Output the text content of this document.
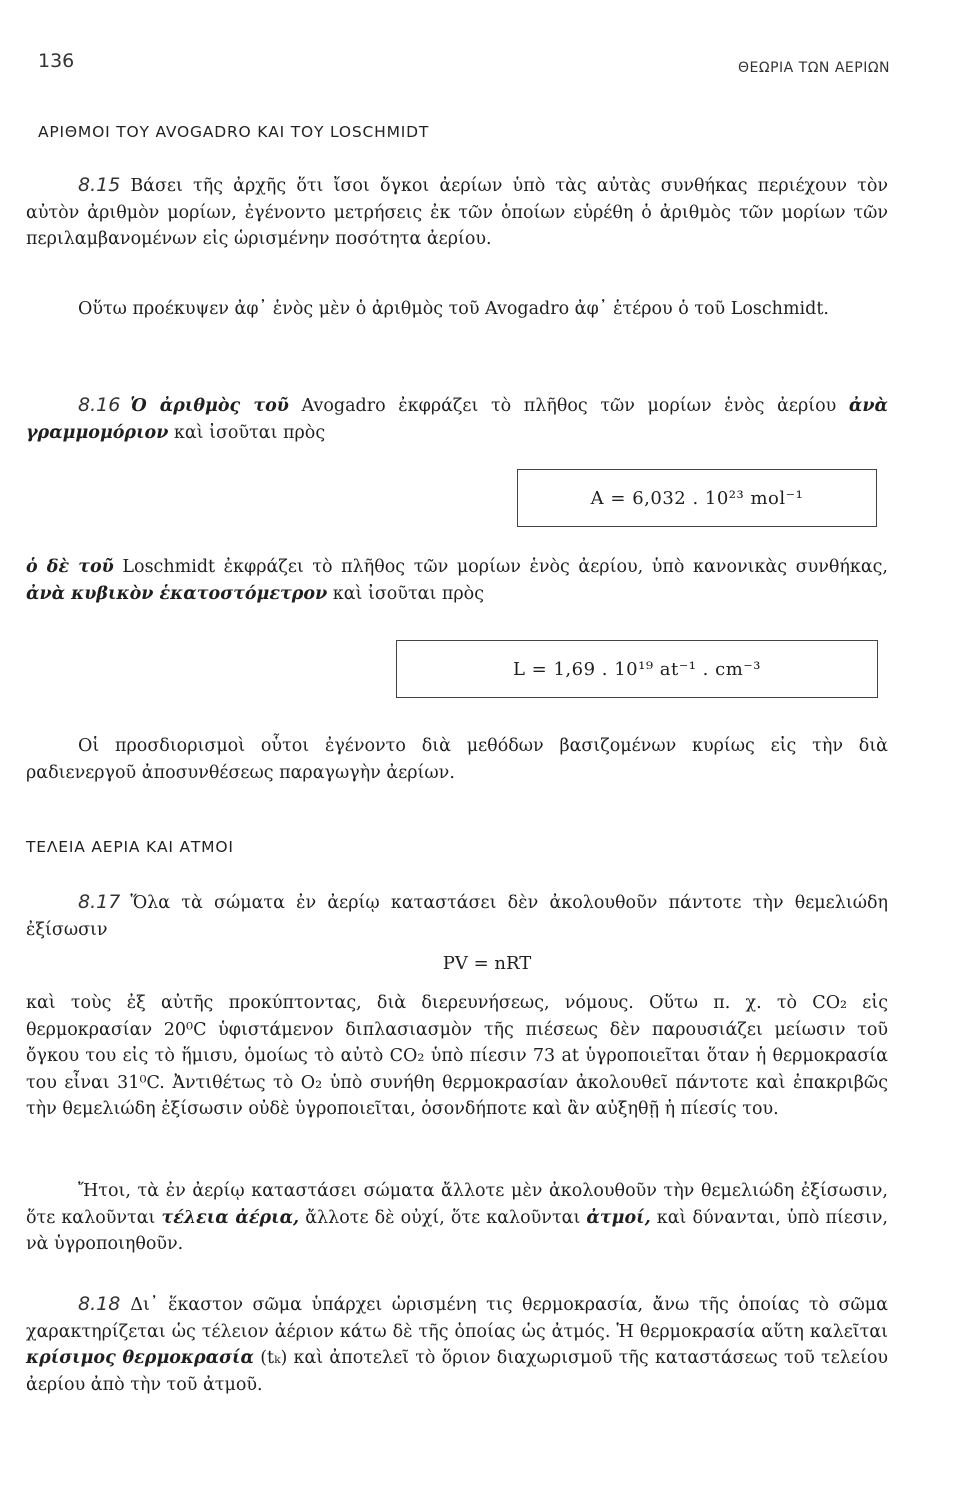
136	ΘΕΩΡΙΑ ΤΩΝ ΑΕΡΙΩΝ
ΑΡΙΘΜΟΙ ΤΟΥ AVOGADRO ΚΑΙ ΤΟΥ LOSCHMIDT
8.15 Βάσει τῆς ἀρχῆς ὅτι ἴσοι ὄγκοι ἀερίων ὑπὸ τὰς αὐτὰς συνθήκας περιέχουν τὸν αὐτὸν ἀριθμὸν μορίων, ἐγένοντο μετρήσεις ἐκ τῶν ὁποίων εὑρέθη ὁ ἀριθμὸς τῶν μορίων τῶν περιλαμβανομένων εἰς ὡρισμένην ποσότητα ἀερίου.
Οὕτω προέκυψεν ἀφ᾽ ἑνὸς μὲν ὁ ἀριθμὸς τοῦ Avogadro ἀφ᾽ ἑτέρου ὁ τοῦ Loschmidt.
8.16 Ὁ ἀριθμὸς τοῦ Avogadro ἐκφράζει τὸ πλῆθος τῶν μορίων ἑνὸς ἀερίου ἀνὰ γραμμομόριον καὶ ἰσοῦται πρὸς
A = 6,032 . 10²³ mol⁻¹
ὁ δὲ τοῦ Loschmidt ἐκφράζει τὸ πλῆθος τῶν μορίων ἑνὸς ἀερίου, ὑπὸ κανονικὰς συνθήκας, ἀνὰ κυβικὸν ἑκατοστόμετρον καὶ ἰσοῦται πρὸς
L = 1,69 . 10¹⁹ at⁻¹ . cm⁻³
Οἱ προσδιορισμοὶ οὗτοι ἐγένοντο διὰ μεθόδων βασιζομένων κυρίως εἰς τὴν διὰ ραδιενεργοῦ ἀποσυνθέσεως παραγωγὴν ἀερίων.
ΤΕΛΕΙΑ ΑΕΡΙΑ ΚΑΙ ΑΤΜΟΙ
8.17 Ὅλα τὰ σώματα ἐν ἀερίῳ καταστάσει δὲν ἀκολουθοῦν πάντοτε τὴν θεμελιώδη ἐξίσωσιν
PV = nRT
καὶ τοὺς ἐξ αὐτῆς προκύπτοντας, διὰ διερευνήσεως, νόμους. Οὕτω π. χ. τὸ CO₂ εἰς θερμοκρασίαν 20⁰C ὑφιστάμενον διπλασιασμὸν τῆς πιέσεως δὲν παρουσιάζει μείωσιν τοῦ ὄγκου του εἰς τὸ ἥμισυ, ὁμοίως τὸ αὐτὸ CO₂ ὑπὸ πίεσιν 73 at ὑγροποιεῖται ὅταν ἡ θερμοκρασία του εἶναι 31⁰C. Ἀντιθέτως τὸ O₂ ὑπὸ συνήθη θερμοκρασίαν ἀκολουθεῖ πάντοτε καὶ ἐπακριβῶς τὴν θεμελιώδη ἐξίσωσιν οὐδὲ ὑγροποιεῖται, ὁσονδήποτε καὶ ἂν αὐξηθῇ ἡ πίεσίς του.
Ἤτοι, τὰ ἐν ἀερίῳ καταστάσει σώματα ἄλλοτε μὲν ἀκολουθοῦν τὴν θεμελιώδη ἐξίσωσιν, ὅτε καλοῦνται τέλεια ἀέρια, ἄλλοτε δὲ οὐχί, ὅτε καλοῦνται ἀτμοί, καὶ δύνανται, ὑπὸ πίεσιν, νὰ ὑγροποιηθοῦν.
8.18 Δι᾽ ἕκαστον σῶμα ὑπάρχει ὡρισμένη τις θερμοκρασία, ἄνω τῆς ὁποίας τὸ σῶμα χαρακτηρίζεται ὡς τέλειον ἀέριον κάτω δὲ τῆς ὁποίας ὡς ἀτμός. Ἡ θερμοκρασία αὕτη καλεῖται κρίσιμος θερμοκρασία (tₖ) καὶ ἀποτελεῖ τὸ ὅριον διαχωρισμοῦ τῆς καταστάσεως τοῦ τελείου ἀερίου ἀπὸ τὴν τοῦ ἀτμοῦ.
